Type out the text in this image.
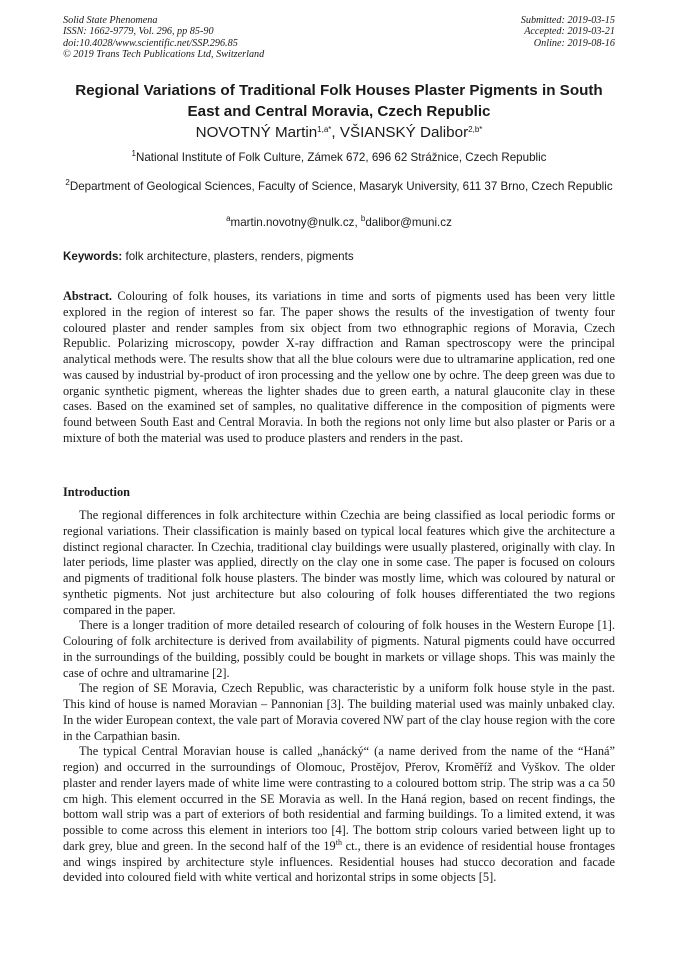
Solid State Phenomena
ISSN: 1662-9779, Vol. 296, pp 85-90
doi:10.4028/www.scientific.net/SSP.296.85
© 2019 Trans Tech Publications Ltd, Switzerland
Submitted: 2019-03-15
Accepted: 2019-03-21
Online: 2019-08-16
Regional Variations of Traditional Folk Houses Plaster Pigments in South East and Central Moravia, Czech Republic
NOVOTNÝ Martin$^{1,a*}$, VŠIANSKÝ Dalibor$^{2,b*}$
$^1$National Institute of Folk Culture, Zámek 672, 696 62 Strážnice, Czech Republic
$^2$Department of Geological Sciences, Faculty of Science, Masaryk University, 611 37 Brno, Czech Republic
$^a$martin.novotny@nulk.cz, $^b$dalibor@muni.cz
Keywords: folk architecture, plasters, renders, pigments

Abstract. Colouring of folk houses, its variations in time and sorts of pigments used has been very little explored in the region of interest so far. The paper shows the results of the investigation of twenty four coloured plaster and render samples from six object from two ethnographic regions of Moravia, Czech Republic. Polarizing microscopy, powder X-ray diffraction and Raman spectroscopy were the principal analytical methods were. The results show that all the blue colours were due to ultramarine application, red one was caused by industrial by-product of iron processing and the yellow one by ochre. The deep green was due to organic synthetic pigment, whereas the lighter shades due to green earth, a natural glauconite clay in these cases. Based on the examined set of samples, no qualitative difference in the composition of pigments were found between South East and Central Moravia. In both the regions not only lime but also plaster or Paris or a mixture of both the material was used to produce plasters and renders in the past.

Introduction

The regional differences in folk architecture within Czechia are being classified as local periodic forms or regional variations. Their classification is mainly based on typical local features which give the architecture a distinct regional character. In Czechia, traditional clay buildings were usually plastered, originally with clay. In later periods, lime plaster was applied, directly on the clay one in some case. The paper is focused on colours and pigments of traditional folk house plasters. The binder was mostly lime, which was coloured by natural or synthetic pigments. Not just architecture but also colouring of folk houses differentiated the two regions compared in the paper.

There is a longer tradition of more detailed research of colouring of folk houses in the Western Europe [1]. Colouring of folk architecture is derived from availability of pigments. Natural pigments could have occurred in the surroundings of the building, possibly could be bought in markets or village shops. This was mainly the case of ochre and ultramarine [2].

The region of SE Moravia, Czech Republic, was characteristic by a uniform folk house style in the past. This kind of house is named Moravian – Pannonian [3]. The building material used was mainly unbaked clay. In the wider European context, the vale part of Moravia covered NW part of the clay house region with the core in the Carpathian basin.

The typical Central Moravian house is called „hanácký“ (a name derived from the name of the “Haná” region) and occurred in the surroundings of Olomouc, Prostějov, Přerov, Kroměříž and Vyškov. The older plaster and render layers made of white lime were contrasting to a coloured bottom strip. The strip was a ca 50 cm high. This element occurred in the SE Moravia as well. In the Haná region, based on recent findings, the bottom wall strip was a part of exteriors of both residential and farming buildings. To a limited extend, it was possible to come across this element in interiors too [4]. The bottom strip colours varied between light up to dark grey, blue and green. In the second half of the 19th ct., there is an evidence of residential house frontages and wings inspired by architecture style influences. Residential houses had stucco decoration and facade devided into coloured field with white vertical and horizontal strips in some objects [5].
